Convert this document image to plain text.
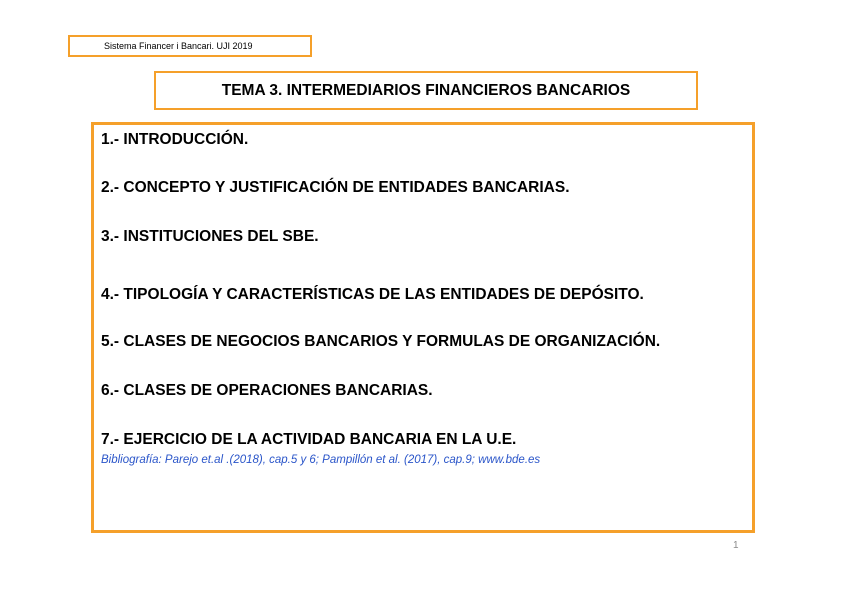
Sistema Financer i Bancari. UJI 2019
TEMA 3. INTERMEDIARIOS FINANCIEROS BANCARIOS
1.- INTRODUCCIÓN.
2.- CONCEPTO Y JUSTIFICACIÓN DE ENTIDADES BANCARIAS.
3.- INSTITUCIONES DEL SBE.
4.- TIPOLOGÍA Y CARACTERÍSTICAS DE LAS ENTIDADES DE DEPÓSITO.
5.- CLASES DE NEGOCIOS BANCARIOS Y FORMULAS DE ORGANIZACIÓN.
6.- CLASES DE OPERACIONES BANCARIAS.
7.- EJERCICIO DE LA ACTIVIDAD BANCARIA EN LA U.E.
Bibliografía: Parejo et.al .(2018), cap.5 y 6; Pampillón et al. (2017), cap.9; www.bde.es
1
